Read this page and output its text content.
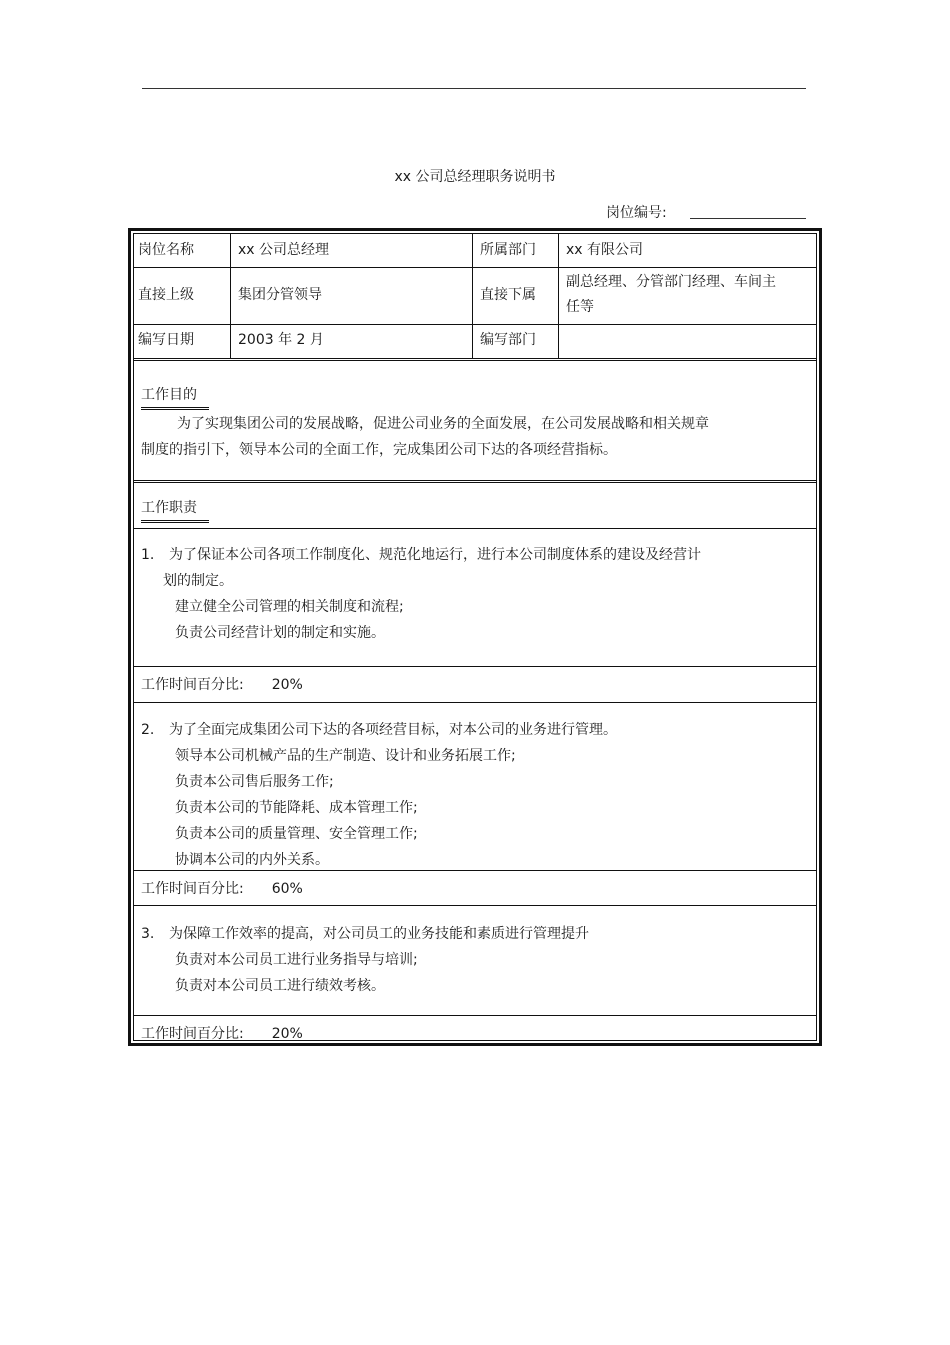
xx 公司总经理职务说明书
岗位编号:
岗位名称	xx 公司总经理	所属部门 xx 有限公司
直接上级	集团分管领导	直接下属
副总经理、分管部门经理、车间主
任等
编写日期	2003 年 2 月	编写部门
工作目的
为了实现集团公司的发展战略，促进公司业务的全面发展，在公司发展战略和相关规章
制度的指引下，领导本公司的全面工作，完成集团公司下达的各项经营指标。
工作职责
1. 为了保证本公司各项工作制度化、规范化地运行，进行本公司制度体系的建设及经营计
划的制定。
建立健全公司管理的相关制度和流程;
负责公司经营计划的制定和实施。
工作时间百分比: 20%
2. 为了全面完成集团公司下达的各项经营目标，对本公司的业务进行管理。
领导本公司机械产品的生产制造、设计和业务拓展工作;
负责本公司售后服务工作;
负责本公司的节能降耗、成本管理工作;
负责本公司的质量管理、安全管理工作;
协调本公司的内外关系。
工作时间百分比: 60%
3. 为保障工作效率的提高，对公司员工的业务技能和素质进行管理提升
负责对本公司员工进行业务指导与培训;
负责对本公司员工进行绩效考核。
工作时间百分比: 20%
